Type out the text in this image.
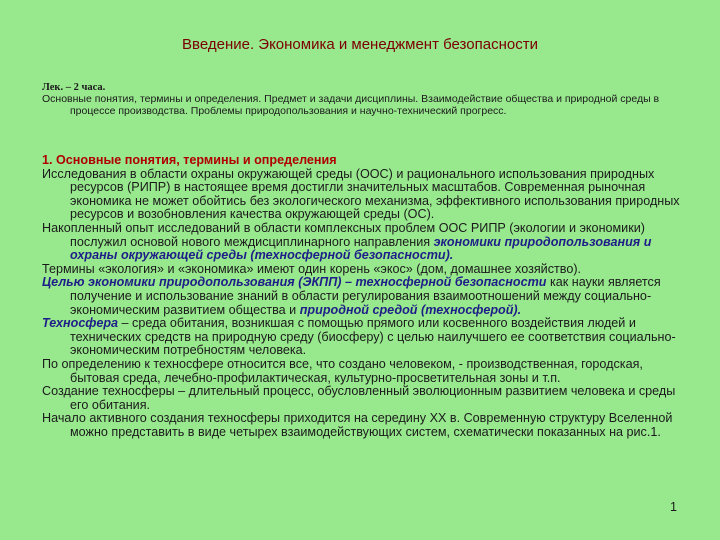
Введение. Экономика и менеджмент безопасности
Лек. – 2 часа.
Основные понятия, термины и определения. Предмет и задачи дисциплины. Взаимодействие общества и природной среды в процессе производства. Проблемы природопользования и научно-технический прогресс.

1. Основные понятия, термины и определения

Исследования в области охраны окружающей среды (ООС) и рационального использования природных ресурсов (РИПР) в настоящее время достигли значительных масштабов. Современная рыночная экономика не может обойтись без экологического механизма, эффективного использования природных ресурсов и возобновления качества окружающей среды (ОС).

Накопленный опыт исследований в области комплексных проблем ООС РИПР (экологии и экономики) послужил основой нового междисциплинарного направления экономики природопользования и охраны окружающей среды (техносферной безопасности).

Термины «экология» и «экономика» имеют один корень «экос» (дом, домашнее хозяйство).

Целью экономики природопользования (ЭКПП) – техносферной безопасности как науки является получение и использование знаний в области регулирования взаимоотношений между социально-экономическим развитием общества и природной средой (техносферой).

Техносфера – среда обитания, возникшая с помощью прямого или косвенного воздействия людей и технических средств на природную среду (биосферу) с целью наилучшего ее соответствия социально-экономическим потребностям человека.

По определению к техносфере относится все, что создано человеком, - производственная, городская, бытовая среда, лечебно-профилактическая, культурно-просветительная зоны и т.п.

Создание техносферы – длительный процесс, обусловленный эволюционным развитием человека и среды его обитания.

Начало активного создания техносферы приходится на середину XX в. Современную структуру Вселенной можно представить в виде четырех взаимодействующих систем, схематически показанных на рис.1.

1
